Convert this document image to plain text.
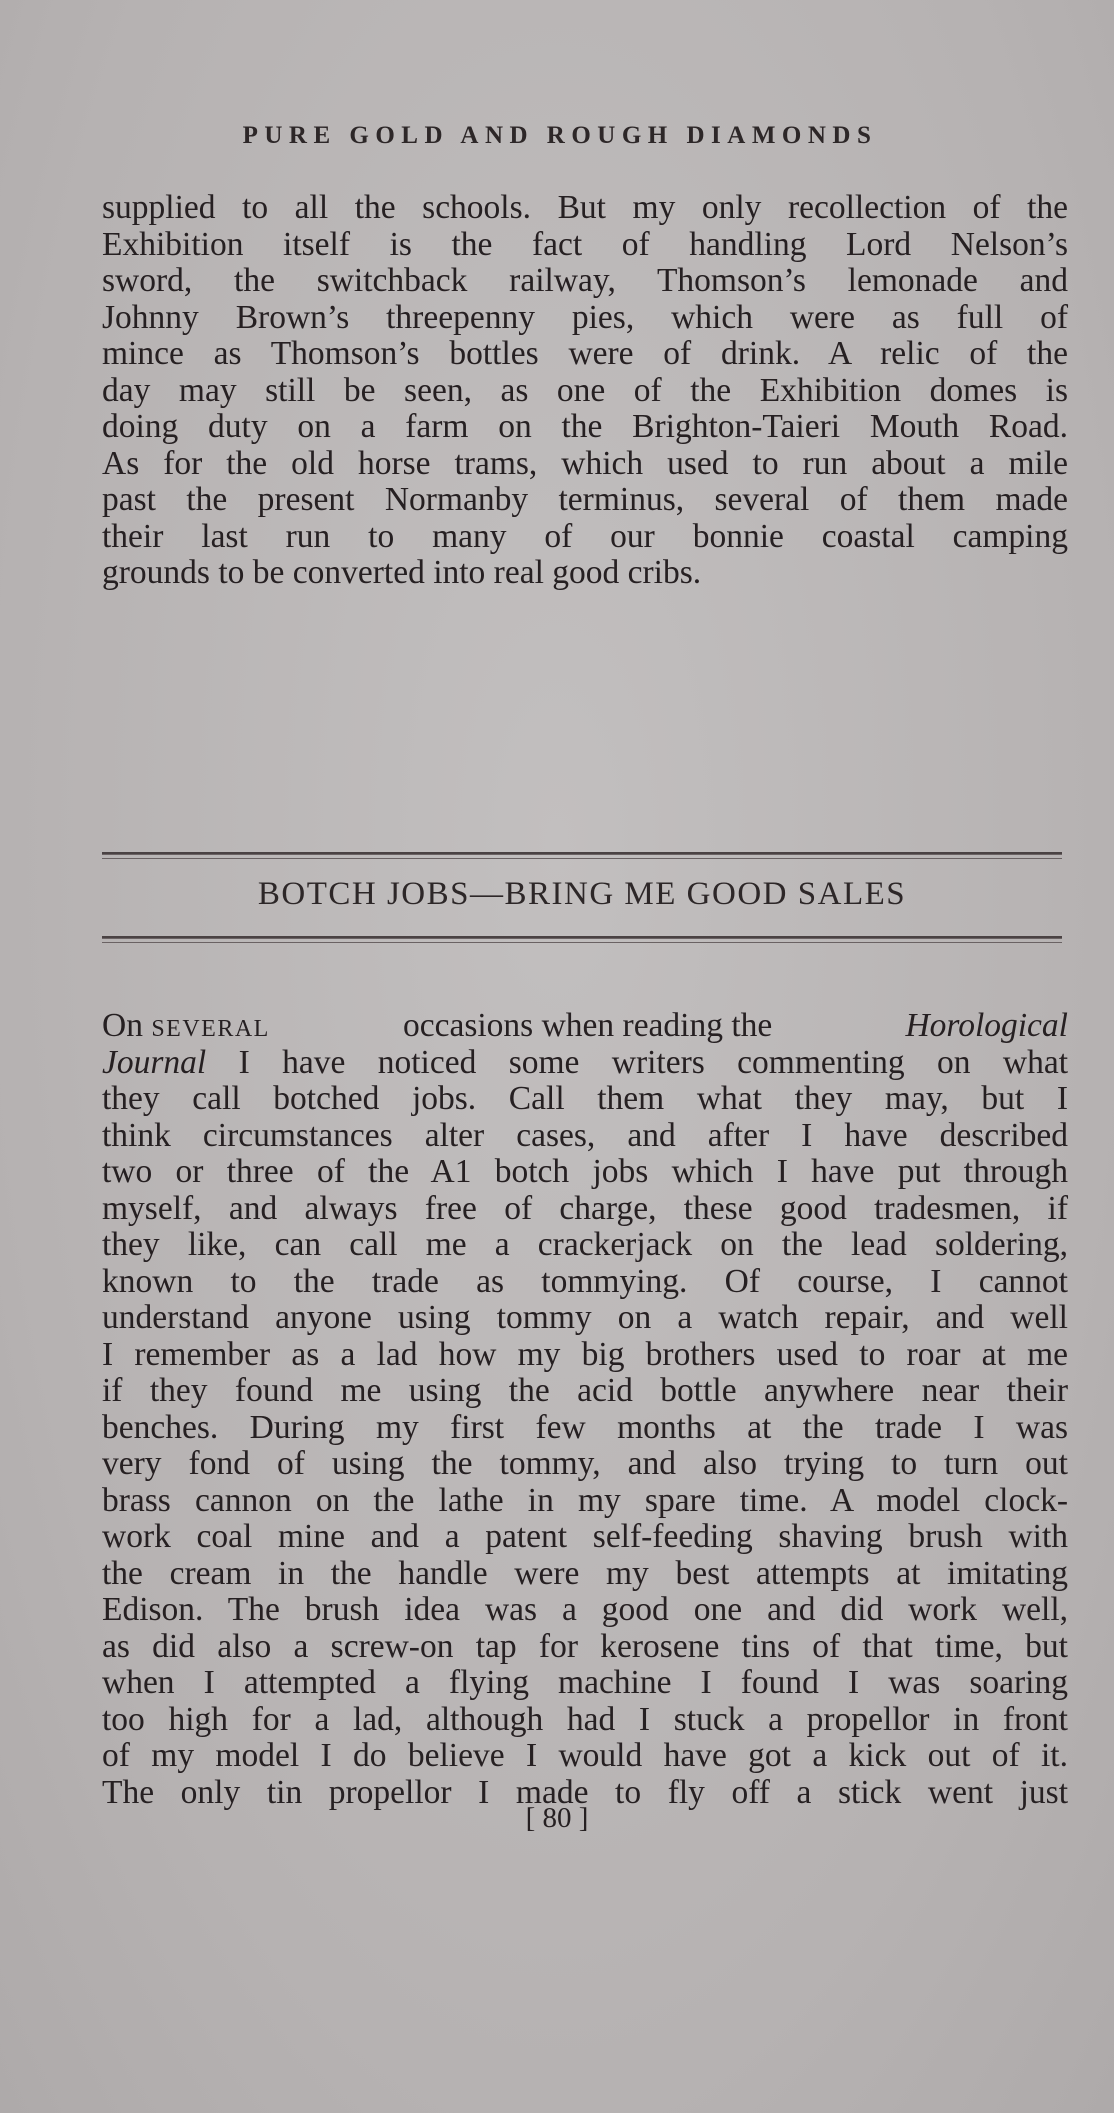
PURE GOLD AND ROUGH DIAMONDS
supplied to all the schools. But my only recollection of the
Exhibition itself is the fact of handling Lord Nelson’s
sword, the switchback railway, Thomson’s lemonade and
Johnny Brown’s threepenny pies, which were as full of
mince as Thomson’s bottles were of drink. A relic of the
day may still be seen, as one of the Exhibition domes is
doing duty on a farm on the Brighton-Taieri Mouth Road.
As for the old horse trams, which used to run about a mile
past the present Normanby terminus, several of them made
their last run to many of our bonnie coastal camping
grounds to be converted into real good cribs.
BOTCH JOBS—BRING ME GOOD SALES
On SEVERAL	occasions when reading the	Horological
Journal I have noticed some writers commenting on what
they call botched jobs. Call them what they may, but I
think circumstances alter cases, and after I have described
two or three of the A1 botch jobs which I have put through
myself, and always free of charge, these good tradesmen, if
they like, can call me a crackerjack on the lead soldering,
known to the trade as tommying. Of course, I cannot
understand anyone using tommy on a watch repair, and well
I remember as a lad how my big brothers used to roar at me
if they found me using the acid bottle anywhere near their
benches. During my first few months at the trade I was
very fond of using the tommy, and also trying to turn out
brass cannon on the lathe in my spare time. A model clock-
work coal mine and a patent self-feeding shaving brush with
the cream in the handle were my best attempts at imitating
Edison. The brush idea was a good one and did work well,
as did also a screw-on tap for kerosene tins of that time, but
when I attempted a flying machine I found I was soaring
too high for a lad, although had I stuck a propellor in front
of my model I do believe I would have got a kick out of it.
The only tin propellor I made to fly off a stick went just
[ 80 ]
